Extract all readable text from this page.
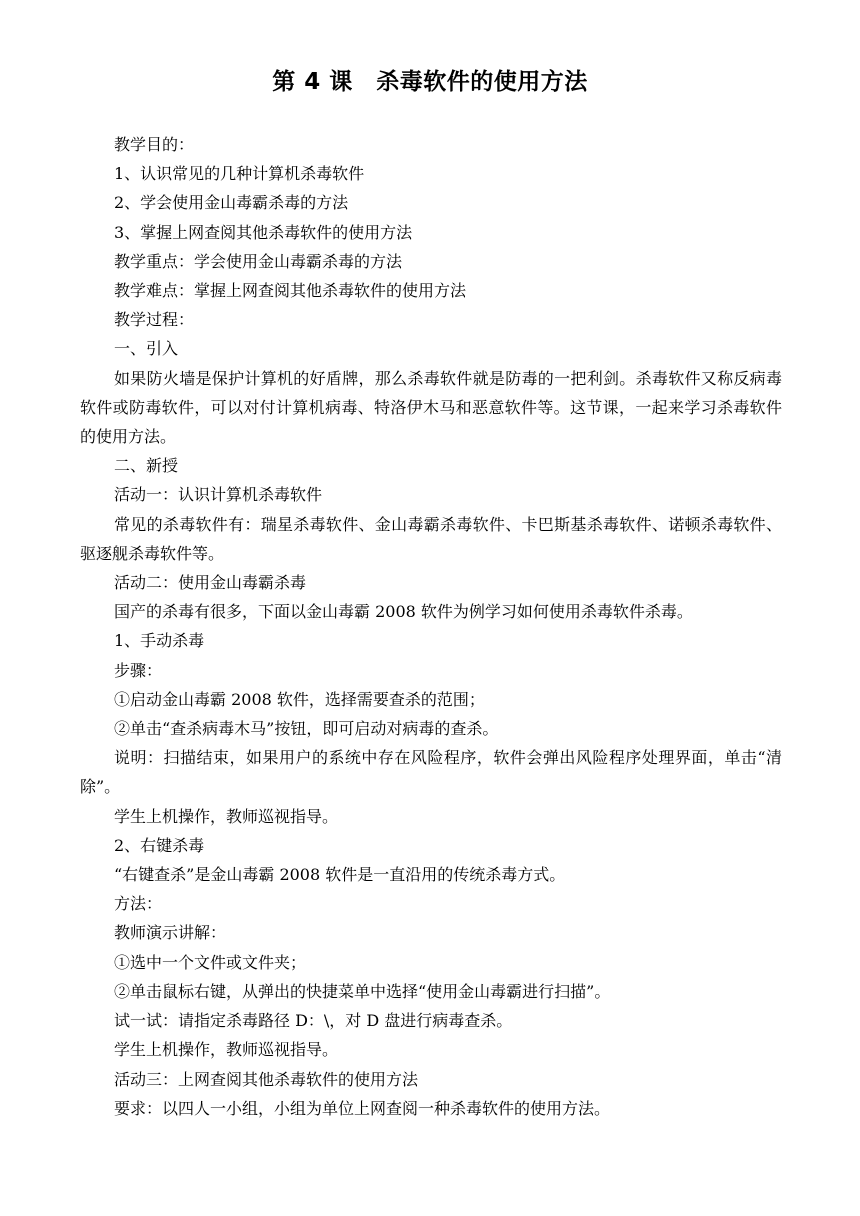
第 4 课　杀毒软件的使用方法

教学目的：

1、认识常见的几种计算机杀毒软件

2、学会使用金山毒霸杀毒的方法

3、掌握上网查阅其他杀毒软件的使用方法

教学重点：学会使用金山毒霸杀毒的方法

教学难点：掌握上网查阅其他杀毒软件的使用方法

教学过程：

一、引入

如果防火墙是保护计算机的好盾牌，那么杀毒软件就是防毒的一把利剑。杀毒软件又称反病毒软件或防毒软件，可以对付计算机病毒、特洛伊木马和恶意软件等。这节课，一起来学习杀毒软件的使用方法。

二、新授

活动一：认识计算机杀毒软件

常见的杀毒软件有：瑞星杀毒软件、金山毒霸杀毒软件、卡巴斯基杀毒软件、诺顿杀毒软件、驱逐舰杀毒软件等。

活动二：使用金山毒霸杀毒

国产的杀毒有很多，下面以金山毒霸 2008 软件为例学习如何使用杀毒软件杀毒。

1、手动杀毒

步骤：

①启动金山毒霸 2008 软件，选择需要查杀的范围；

②单击“查杀病毒木马”按钮，即可启动对病毒的查杀。

说明：扫描结束，如果用户的系统中存在风险程序，软件会弹出风险程序处理界面，单击“清除”。

学生上机操作，教师巡视指导。

2、右键杀毒

“右键查杀”是金山毒霸 2008 软件是一直沿用的传统杀毒方式。

方法：

教师演示讲解：

①选中一个文件或文件夹；

②单击鼠标右键，从弹出的快捷菜单中选择“使用金山毒霸进行扫描”。

试一试：请指定杀毒路径 D：\，对 D 盘进行病毒查杀。

学生上机操作，教师巡视指导。

活动三：上网查阅其他杀毒软件的使用方法

要求：以四人一小组，小组为单位上网查阅一种杀毒软件的使用方法。
